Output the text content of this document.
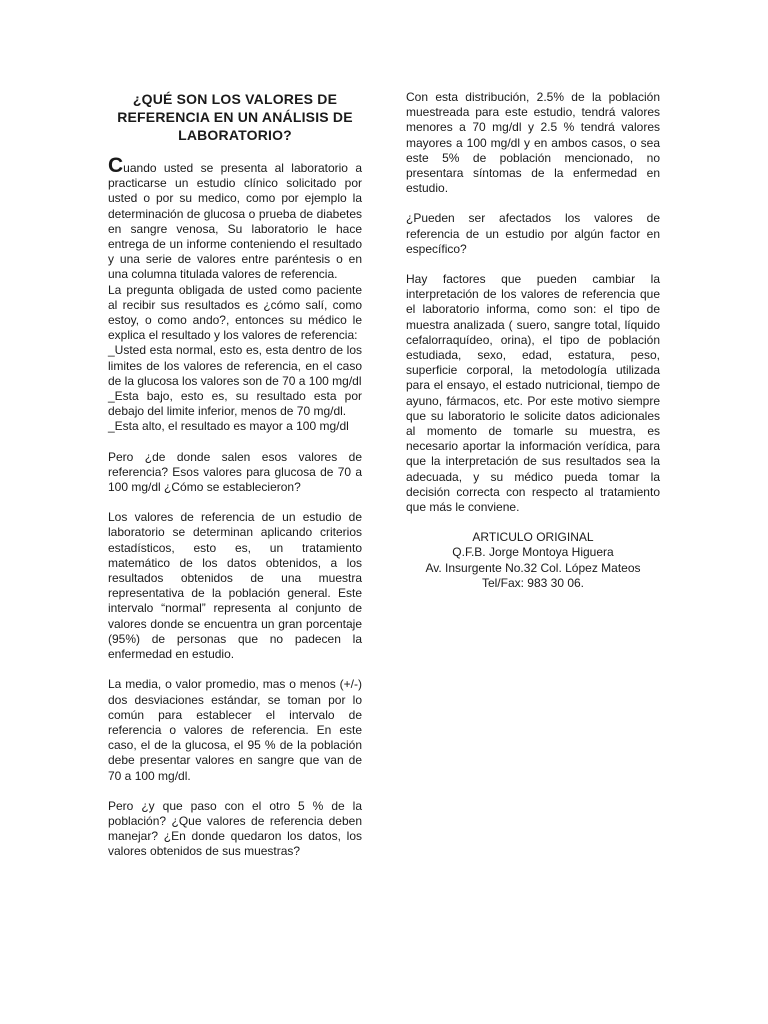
¿QUÉ SON LOS VALORES DE REFERENCIA EN UN ANÁLISIS DE LABORATORIO?

Cuando usted se presenta al laboratorio a practicarse un estudio clínico solicitado por usted o por su medico, como por ejemplo la determinación de glucosa o prueba de diabetes en sangre venosa, Su laboratorio le hace entrega de un informe conteniendo el resultado y una serie de valores entre paréntesis o en una columna titulada valores de referencia.

La pregunta obligada de usted como paciente al recibir sus resultados es ¿cómo salí, como estoy, o como ando?, entonces su médico le explica el resultado y los valores de referencia:

_Usted esta normal, esto es, esta dentro de los limites de los valores de referencia, en el caso de la glucosa los valores son de 70 a 100 mg/dl

_Esta bajo, esto es, su resultado esta por debajo del limite inferior, menos de 70 mg/dl.

_Esta alto, el resultado es mayor a 100 mg/dl

Pero ¿de donde salen esos valores de referencia? Esos valores para glucosa de 70 a 100 mg/dl ¿Cómo se establecieron?

Los valores de referencia de un estudio de laboratorio se determinan aplicando criterios estadísticos, esto es, un tratamiento matemático de los datos obtenidos, a los resultados obtenidos de una muestra representativa de la población general. Este intervalo “normal” representa al conjunto de valores donde se encuentra un gran porcentaje (95%) de personas que no padecen la enfermedad en estudio.

La media, o valor promedio, mas o menos (+/-) dos desviaciones estándar, se toman por lo común para establecer el intervalo de referencia o valores de referencia. En este caso, el de la glucosa, el 95 % de la población debe presentar valores en sangre que van de 70 a 100 mg/dl.

Pero ¿y que paso con el otro 5 % de la población? ¿Que valores de referencia deben manejar? ¿En donde quedaron los datos, los valores obtenidos de sus muestras?

Con esta distribución, 2.5% de la población muestreada para este estudio, tendrá valores menores a 70 mg/dl y 2.5 % tendrá valores mayores a 100 mg/dl y en ambos casos, o sea este 5% de población mencionado, no presentara síntomas de la enfermedad en estudio.

¿Pueden ser afectados los valores de referencia de un estudio por algún factor en específico?

Hay factores que pueden cambiar la interpretación de los valores de referencia que el laboratorio informa, como son: el tipo de muestra analizada ( suero, sangre total, líquido cefalorraquídeo, orina), el tipo de población estudiada, sexo, edad, estatura, peso, superficie corporal, la metodología utilizada para el ensayo, el estado nutricional, tiempo de ayuno, fármacos, etc. Por este motivo siempre que su laboratorio le solicite datos adicionales al momento de tomarle su muestra, es necesario aportar la información verídica, para que la interpretación de sus resultados sea la adecuada, y su médico pueda tomar la decisión correcta con respecto al tratamiento que más le conviene.

ARTICULO ORIGINAL
Q.F.B. Jorge Montoya Higuera
Av. Insurgente No.32 Col. López Mateos
Tel/Fax: 983 30 06.
